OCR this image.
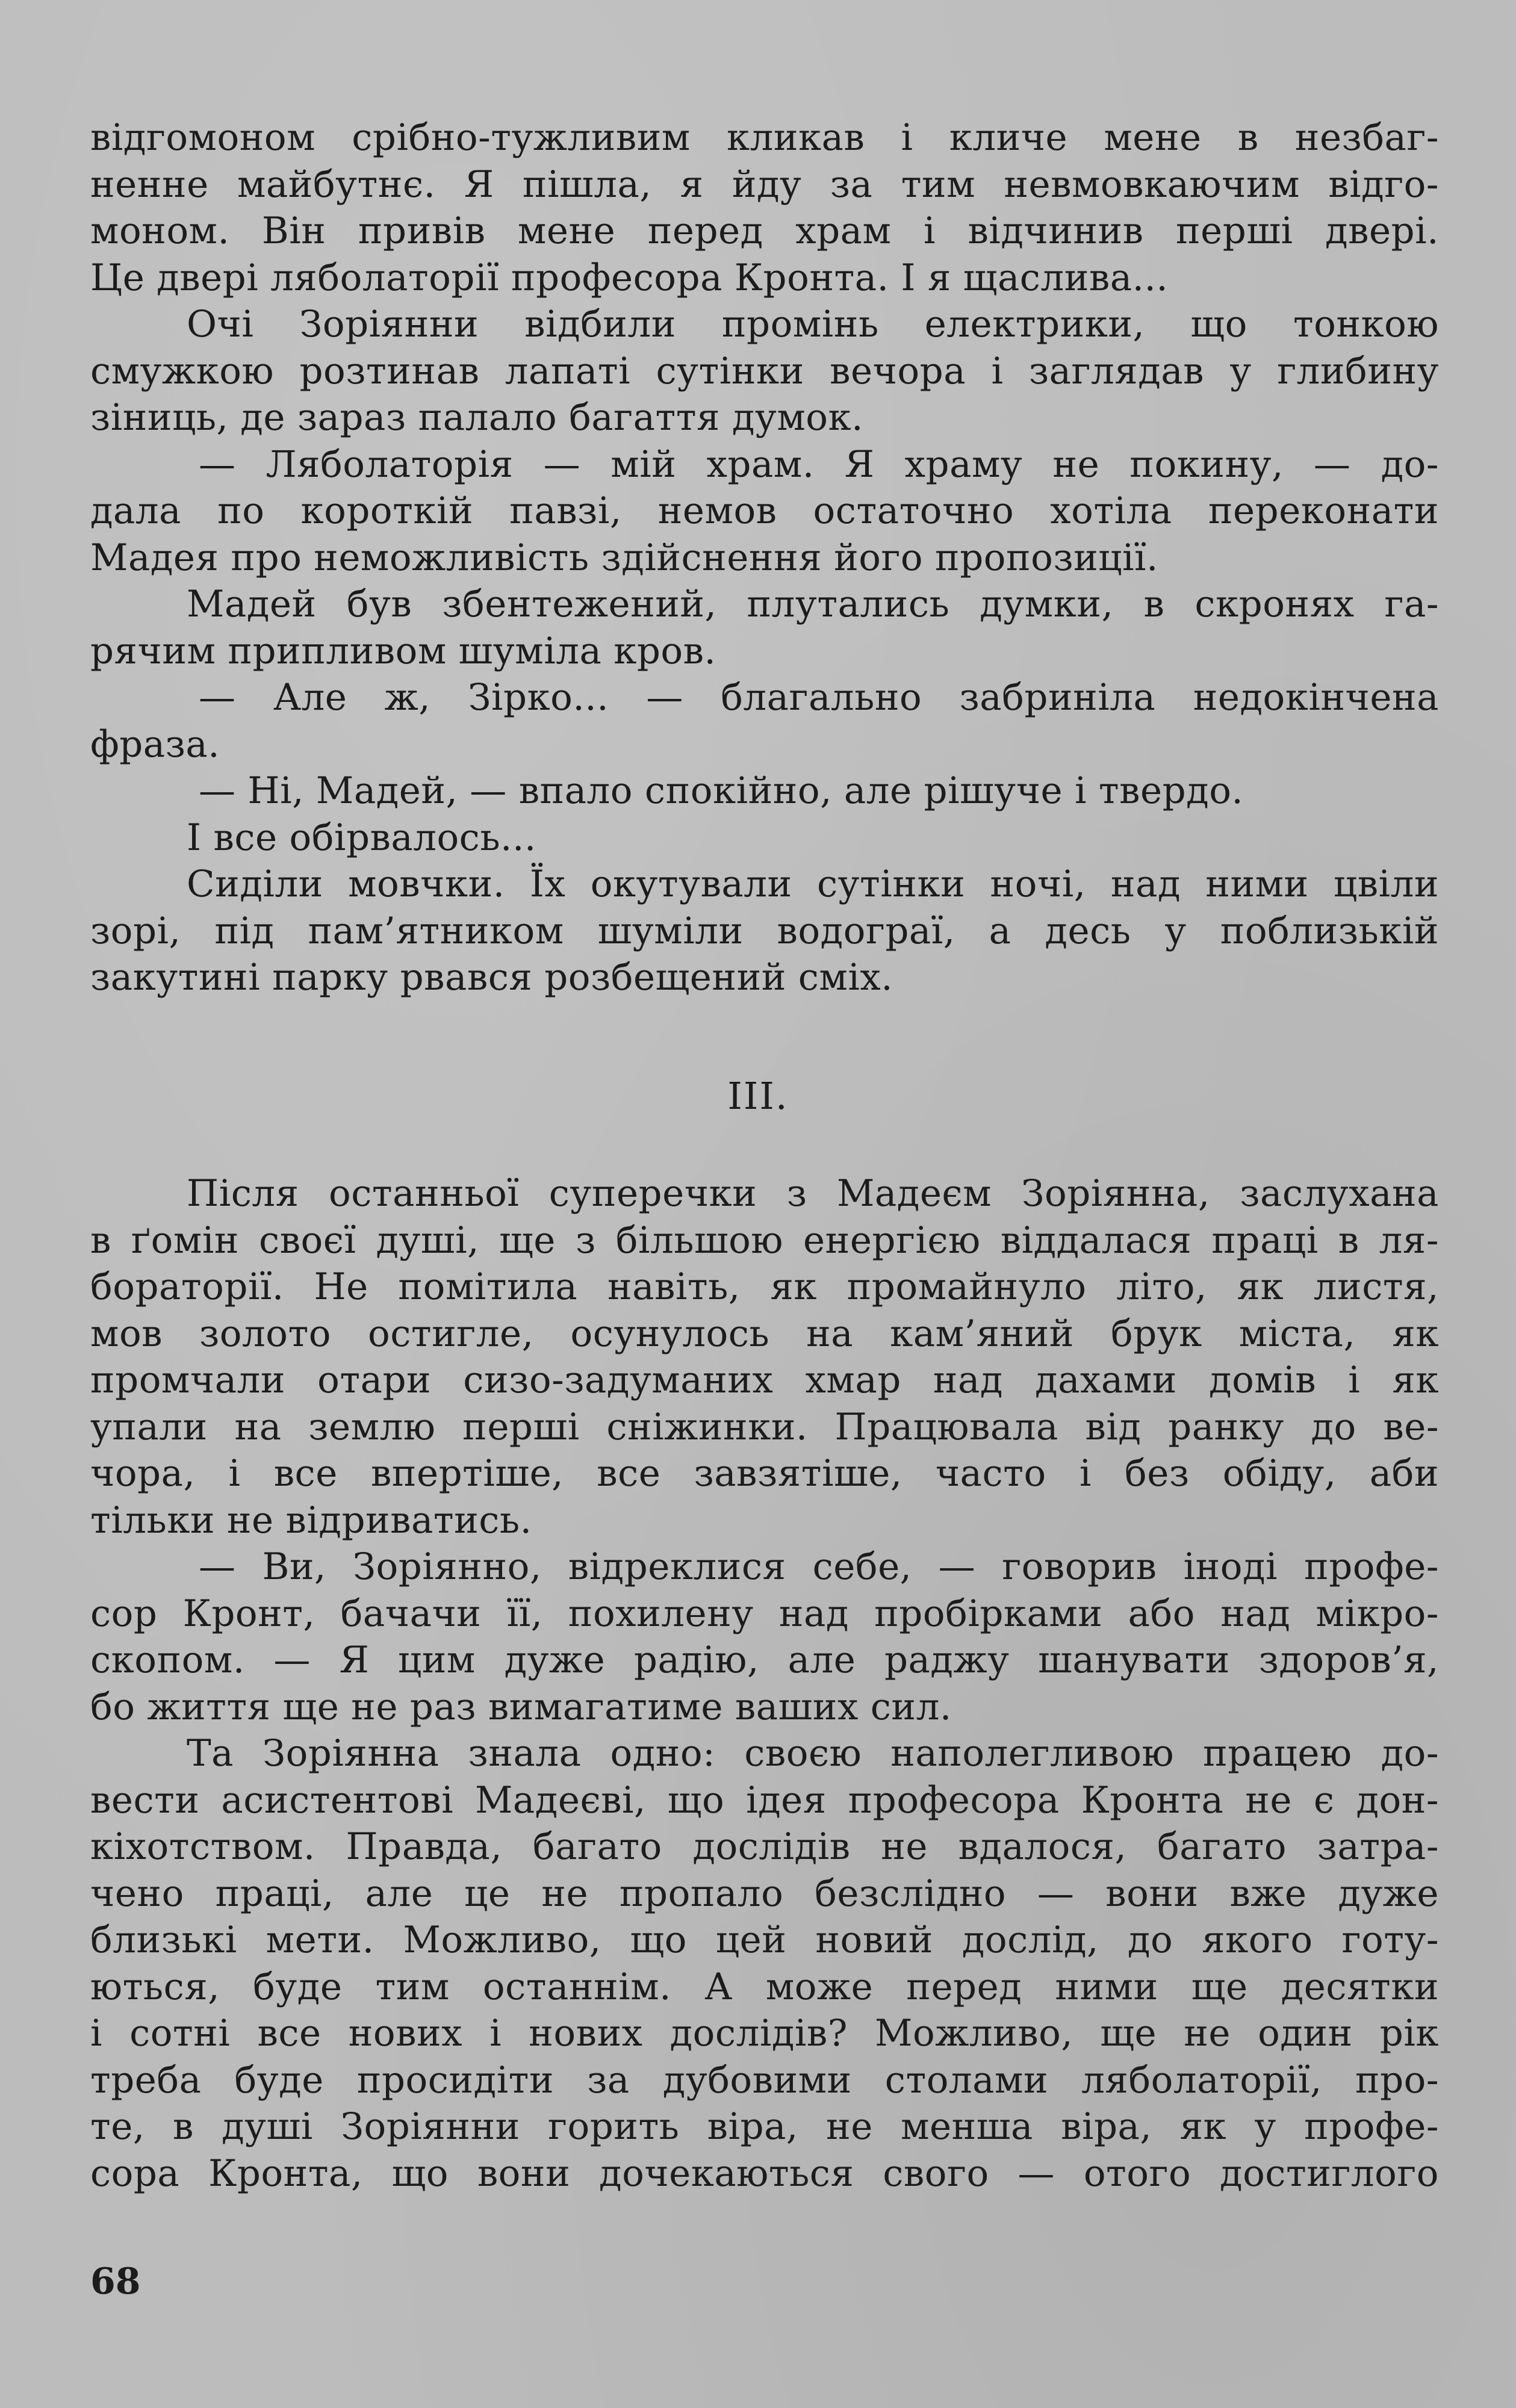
відгомоном срібно-тужливим кликав і кличе мене в незбаг-
ненне майбутнє. Я пішла, я йду за тим невмовкаючим відго-
моном. Він привів мене перед храм і відчинив перші двері.
Це двері ляболаторії професора Кронта. І я щаслива...
Очі Зоріянни відбили промінь електрики, що тонкою
смужкою розтинав лапаті сутінки вечора і заглядав у глибину
зіниць, де зараз палало багаття думок.
— Ляболаторія — мій храм. Я храму не покину, — до-
дала по короткій павзі, немов остаточно хотіла переконати
Мадея про неможливість здійснення його пропозиції.
Мадей був збентежений, плутались думки, в скронях га-
рячим припливом шуміла кров.
— Але ж, Зірко... — благально забриніла недокінчена
фраза.
— Ні, Мадей, — впало спокійно, але рішуче і твердо.
І все обірвалось...
Сиділи мовчки. Їх окутували сутінки ночі, над ними цвіли
зорі, під пам’ятником шуміли водограї, а десь у поблизькій
закутині парку рвався розбещений сміх.
III.
Після останньої суперечки з Мадеєм Зоріянна, заслухана
в ґомін своєї душі, ще з більшою енергією віддалася праці в ля-
бораторії. Не помітила навіть, як промайнуло літо, як листя,
мов золото остигле, осунулось на кам’яний брук міста, як
промчали отари сизо-задуманих хмар над дахами домів і як
упали на землю перші сніжинки. Працювала від ранку до ве-
чора, і все впертіше, все завзятіше, часто і без обіду, аби
тільки не відриватись.
— Ви, Зоріянно, відреклися себе, — говорив іноді профе-
сор Кронт, бачачи її, похилену над пробірками або над мікро-
скопом. — Я цим дуже радію, але раджу шанувати здоров’я,
бо життя ще не раз вимагатиме ваших сил.
Та Зоріянна знала одно: своєю наполегливою працею до-
вести асистентові Мадеєві, що ідея професора Кронта не є дон-
кіхотством. Правда, багато дослідів не вдалося, багато затра-
чено праці, але це не пропало безслідно — вони вже дуже
близькі мети. Можливо, що цей новий дослід, до якого готу-
ються, буде тим останнім. А може перед ними ще десятки
і сотні все нових і нових дослідів? Можливо, ще не один рік
треба буде просидіти за дубовими столами ляболаторії, про-
те, в душі Зоріянни горить віра, не менша віра, як у профе-
сора Кронта, що вони дочекаються свого — отого достиглого
68
